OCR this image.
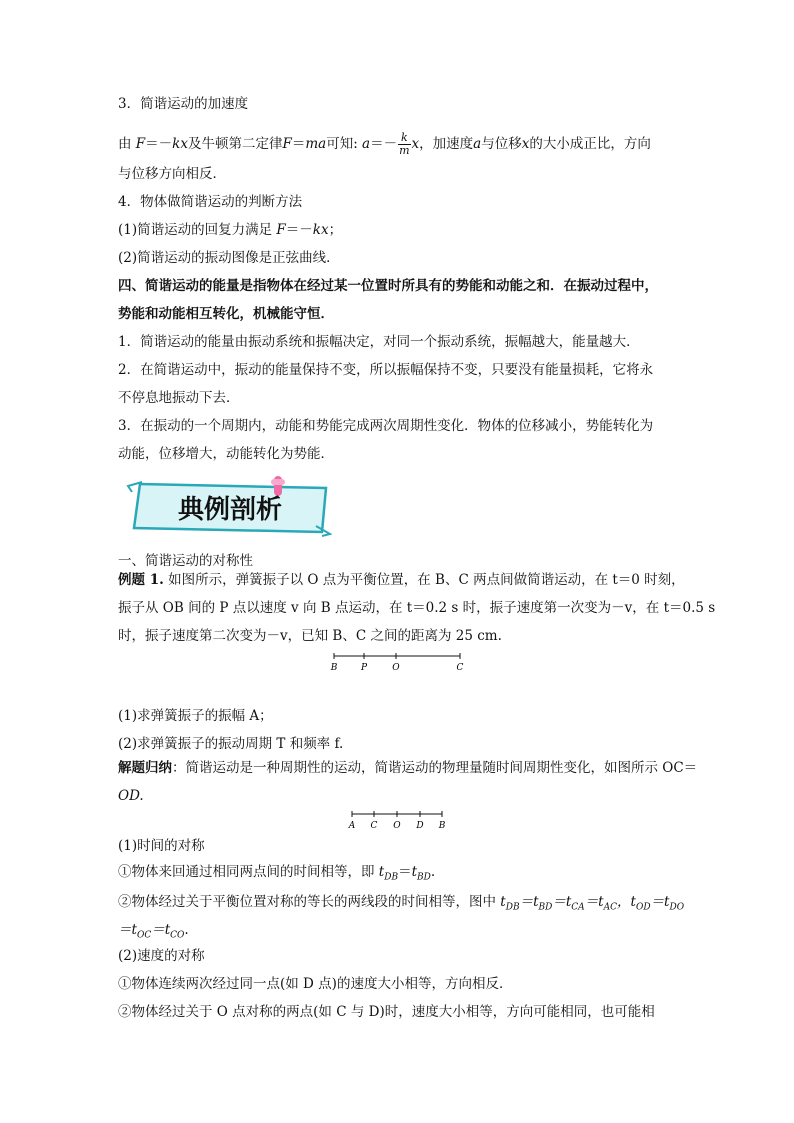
3．简谐运动的加速度
由 F＝－kx及牛顿第二定律F＝ma可知: $a=- \frac{k}{m}$ x，加速度a与位移x的大小成正比，方向
与位移方向相反．
4．物体做简谐运动的判断方法
(1)简谐运动的回复力满足 F＝－kx；
(2)简谐运动的振动图像是正弦曲线．
四、简谐运动的能量是指物体在经过某一位置时所具有的势能和动能之和．在振动过程中，
势能和动能相互转化，机械能守恒．
1．简谐运动的能量由振动系统和振幅决定，对同一个振动系统，振幅越大，能量越大．
2．在简谐运动中，振动的能量保持不变，所以振幅保持不变，只要没有能量损耗，它将永
不停息地振动下去．
3．在振动的一个周期内，动能和势能完成两次周期性变化．物体的位移减小，势能转化为
动能，位移增大，动能转化为势能．
典例剖析
一、简谐运动的对称性
例题 1. 如图所示，弹簧振子以 O 点为平衡位置，在 B、C 两点间做简谐运动，在 t＝0 时刻，
振子从 OB 间的 P 点以速度 v 向 B 点运动，在 t＝0.2 s 时，振子速度第一次变为－v，在 t＝0.5 s
时，振子速度第二次变为－v，已知 B、C 之间的距离为 25 cm.
B	P	O	C
(1)求弹簧振子的振幅 A；
(2)求弹簧振子的振动周期 T 和频率 f.
解题归纳：简谐运动是一种周期性的运动，简谐运动的物理量随时间周期性变化，如图所示 OC＝
OD.
A C O D B
(1)时间的对称
①物体来回通过相同两点间的时间相等，即 $t_{DB}=t_{BD}$.
②物体经过关于平衡位置对称的等长的两线段的时间相等，图中 $t_{DB}=t_{BD}=t_{CA}=t_{AC}$，$t_{OD}=t_{DO}$
$=t_{OC}=t_{CO}$.
(2)速度的对称
①物体连续两次经过同一点(如 D 点)的速度大小相等，方向相反．
②物体经过关于 O 点对称的两点(如 C 与 D)时，速度大小相等，方向可能相同，也可能相
